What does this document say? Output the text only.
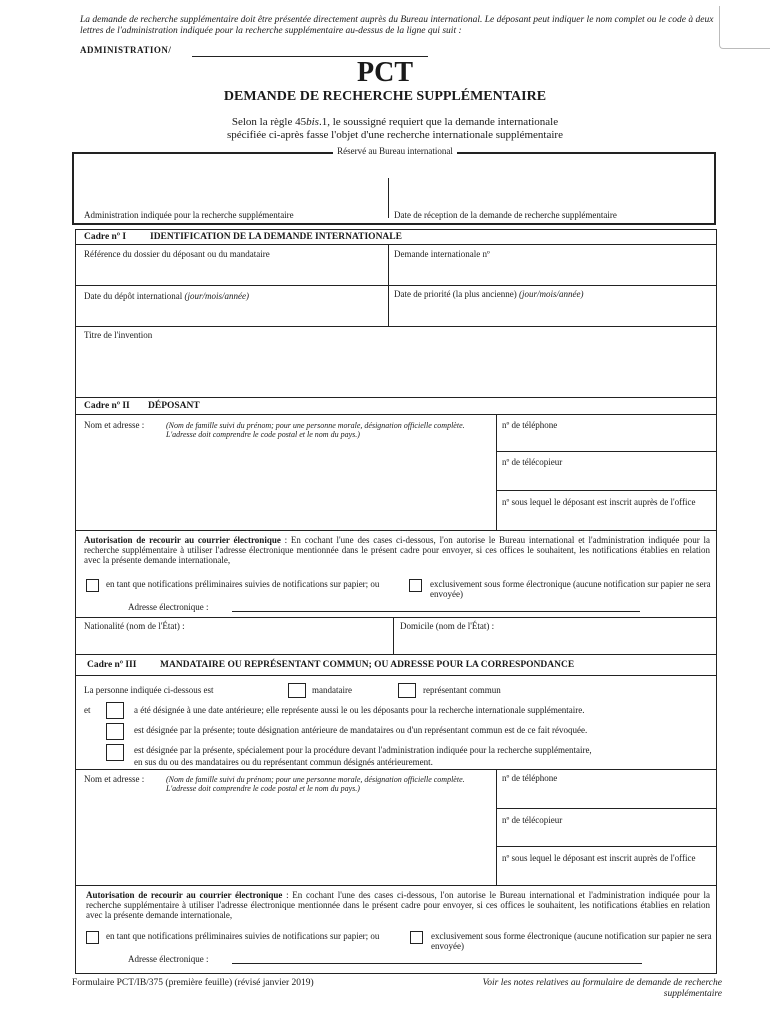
La demande de recherche supplémentaire doit être présentée directement auprès du Bureau international. Le déposant peut indiquer le nom complet ou le code à deux lettres de l'administration indiquée pour la recherche supplémentaire au-dessus de la ligne qui suit :
ADMINISTRATION/
PCT
DEMANDE DE RECHERCHE SUPPLÉMENTAIRE
Selon la règle 45bis.1, le soussigné requiert que la demande internationale
spécifiée ci-après fasse l'objet d'une recherche internationale supplémentaire
Réservé au Bureau international
Administration indiquée pour la recherche supplémentaire	Date de réception de la demande de recherche supplémentaire
Cadre nº I	IDENTIFICATION DE LA DEMANDE INTERNATIONALE
Référence du dossier du déposant ou du mandataire	Demande internationale nº
Date du dépôt international (jour/mois/année)	Date de priorité (la plus ancienne) (jour/mois/année)
Titre de l'invention
Cadre nº II DÉPOSANT
Nom et adresse :	(Nom de famille suivi du prénom; pour une personne morale, désignation officielle complète. L'adresse doit comprendre le code postal et le nom du pays.)
nº de téléphone
nº de télécopieur
nº sous lequel le déposant est inscrit auprès de l'office
Autorisation de recourir au courrier électronique : En cochant l'une des cases ci-dessous, l'on autorise le Bureau international et l'administration indiquée pour la recherche supplémentaire à utiliser l'adresse électronique mentionnée dans le présent cadre pour envoyer, si ces offices le souhaitent, les notifications établies en relation avec la présente demande internationale,
en tant que notifications préliminaires suivies de notifications sur papier; ou	exclusivement sous forme électronique (aucune notification sur papier ne sera envoyée)
Adresse électronique :
Nationalité (nom de l'État) :	Domicile (nom de l'État) :
Cadre nº III MANDATAIRE OU REPRÉSENTANT COMMUN; OU ADRESSE POUR LA CORRESPONDANCE
La personne indiquée ci-dessous est	mandataire	représentant commun
et	a été désignée à une date antérieure; elle représente aussi le ou les déposants pour la recherche internationale supplémentaire.
est désignée par la présente; toute désignation antérieure de mandataires ou d'un représentant commun est de ce fait révoquée.
est désignée par la présente, spécialement pour la procédure devant l'administration indiquée pour la recherche supplémentaire,
en sus du ou des mandataires ou du représentant commun désignés antérieurement.
Nom et adresse :	(Nom de famille suivi du prénom; pour une personne morale, désignation officielle complète. L'adresse doit comprendre le code postal et le nom du pays.)
nº de téléphone
nº de télécopieur
nº sous lequel le déposant est inscrit auprès de l'office
Autorisation de recourir au courrier électronique : En cochant l'une des cases ci-dessous, l'on autorise le Bureau international et l'administration indiquée pour la recherche supplémentaire à utiliser l'adresse électronique mentionnée dans le présent cadre pour envoyer, si ces offices le souhaitent, les notifications établies en relation avec la présente demande internationale,
en tant que notifications préliminaires suivies de notifications sur papier; ou	exclusivement sous forme électronique (aucune notification sur papier ne sera envoyée)
Adresse électronique :
Formulaire PCT/IB/375 (première feuille) (révisé janvier 2019)	Voir les notes relatives au formulaire de demande de recherche supplémentaire
